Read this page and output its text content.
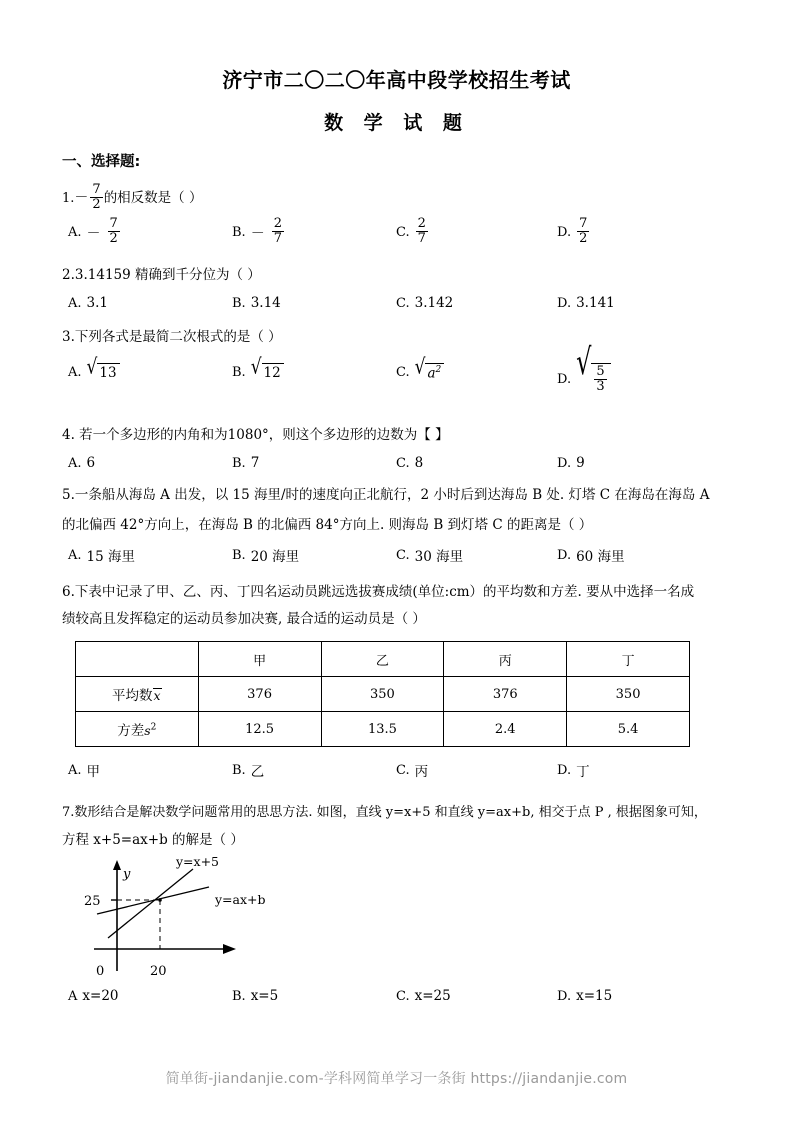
济宁市二〇二〇年高中段学校招生考试
数 学 试 题
一、选择题:
$1.- \frac{7}{2}$ 的相反数是（ ）
A. － $\frac{7}{2}$	B. － $\frac{2}{7}$	C. $\frac{2}{7}$	D. $\frac{7}{2}$
2.3.14159 精确到千分位为（ ）
A. 3.1	B. 3.14	C. 3.142	D. 3.141
3.下列各式是最简二次根式的是（ ）
A. √ 13	B. √ 12	C. √ $a^2$
D. √ $\frac{5}{3}$
4. 若一个多边形的内角和为1080°，则这个多边形的边数为【 】
A. 6	B. 7	C. 8	D. 9
5.一条船从海岛 A 出发，以 15 海里/时的速度向正北航行，2 小时后到达海岛 B 处. 灯塔 C 在海岛在海岛 A
的北偏西 42°方向上，在海岛 B 的北偏西 84°方向上. 则海岛 B 到灯塔 C 的距离是（ ）
A. 15 海里	B. 20 海里	C. 30 海里	D. 60 海里
6.下表中记录了甲、乙、丙、丁四名运动员跳远选拔赛成绩(单位:cm）的平均数和方差. 要从中选择一名成
绩较高且发挥稳定的运动员参加决赛, 最合适的运动员是（ ）
	甲	乙	丙	丁
平均数x	376	350	376	350
方差$s^2$	12.5	13.5	2.4	5.4
A. 甲	B. 乙	C. 丙	D. 丁
7.数形结合是解决数学问题常用的思思方法. 如图，直线 y=x+5 和直线 y=ax+b, 相交于点 P , 根据图象可知，
方程 x+5=ax+b 的解是（ ）
y
25
20
0
y=x+5
y=ax+b
A x=20	B. x=5	C. x=25	D. x=15
简单街-jiandanjie.com-学科网简单学习一条街 https://jiandanjie.com
